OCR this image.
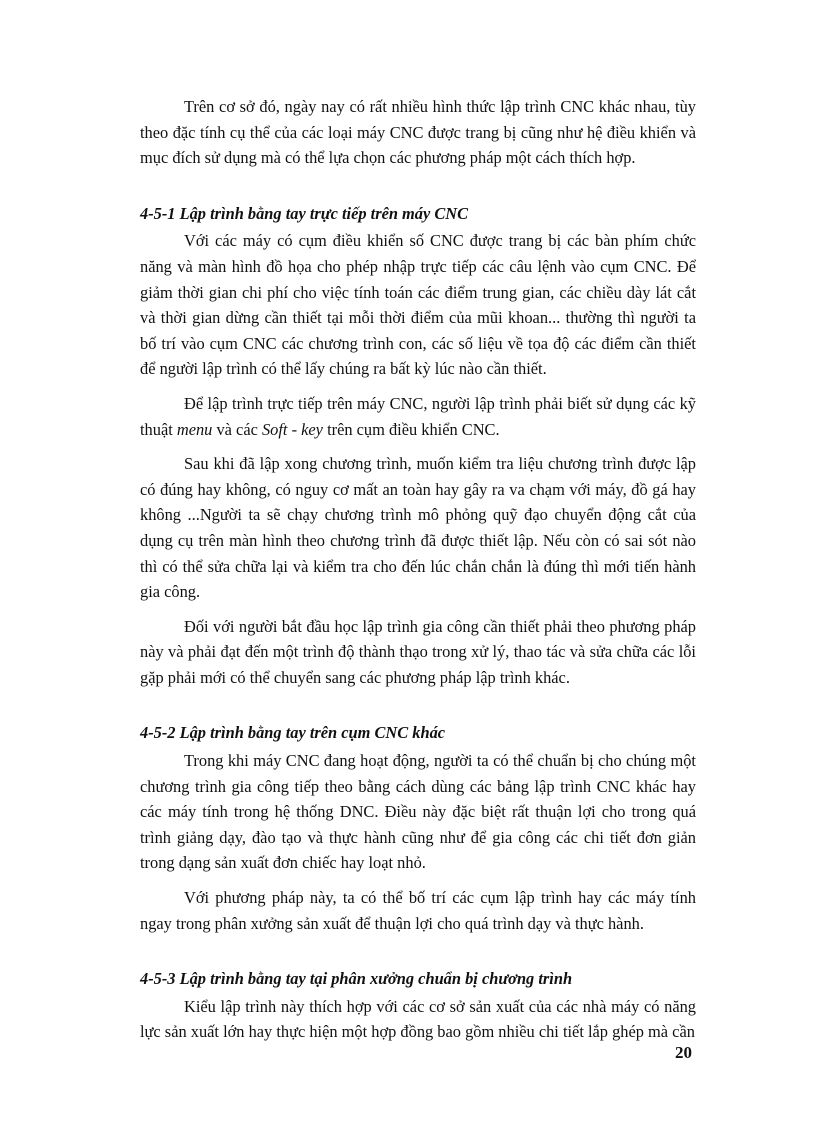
Trên cơ sở đó, ngày nay có rất nhiều hình thức lập trình CNC khác nhau, tùy theo đặc tính cụ thể của các loại máy CNC được trang bị cũng như hệ điều khiển và mục đích sử dụng mà có thể lựa chọn các phương pháp một cách thích hợp.

4-5-1 Lập trình bằng tay trực tiếp trên máy CNC

Với các máy có cụm điều khiển số CNC được trang bị các bàn phím chức năng và màn hình đồ họa cho phép nhập trực tiếp các câu lệnh vào cụm CNC. Để giảm thời gian chi phí cho việc tính toán các điểm trung gian, các chiều dày lát cắt và thời gian dừng cần thiết tại mỗi thời điểm của mũi khoan... thường thì người ta bố trí vào cụm CNC các chương trình con, các số liệu về tọa độ các điểm cần thiết để người lập trình có thể lấy chúng ra bất kỳ lúc nào cần thiết.

Để lập trình trực tiếp trên máy CNC, người lập trình phải biết sử dụng các kỹ thuật menu và các Soft - key trên cụm điều khiển CNC.

Sau khi đã lập xong chương trình, muốn kiểm tra liệu chương trình được lập có đúng hay không, có nguy cơ mất an toàn hay gây ra va chạm với máy, đồ gá hay không ...Người ta sẽ chạy chương trình mô phỏng quỹ đạo chuyển động cắt của dụng cụ trên màn hình theo chương trình đã được thiết lập. Nếu còn có sai sót nào thì có thể sửa chữa lại và kiểm tra cho đến lúc chắn chắn là đúng thì mới tiến hành gia công.

Đối với người bắt đầu học lập trình gia công cần thiết phải theo phương pháp này và phải đạt đến một trình độ thành thạo trong xử lý, thao tác và sửa chữa các lỗi gặp phải mới có thể chuyển sang các phương pháp lập trình khác.

4-5-2 Lập trình bằng tay trên cụm CNC khác

Trong khi máy CNC đang hoạt động, người ta có thể chuẩn bị cho chúng một chương trình gia công tiếp theo bằng cách dùng các bảng lập trình CNC khác hay các máy tính trong hệ thống DNC. Điều này đặc biệt rất thuận lợi cho trong quá trình giảng dạy, đào tạo và thực hành cũng như để gia công các chi tiết đơn giản trong dạng sản xuất đơn chiếc hay loạt nhỏ.

Với phương pháp này, ta có thể bố trí các cụm lập trình hay các máy tính ngay trong phân xưởng sản xuất để thuận lợi cho quá trình dạy và thực hành.

4-5-3 Lập trình bằng tay tại phân xưởng chuẩn bị chương trình

Kiểu lập trình này thích hợp với các cơ sở sản xuất của các nhà máy có năng lực sản xuất lớn hay thực hiện một hợp đồng bao gồm nhiều chi tiết lắp ghép mà cần

20
